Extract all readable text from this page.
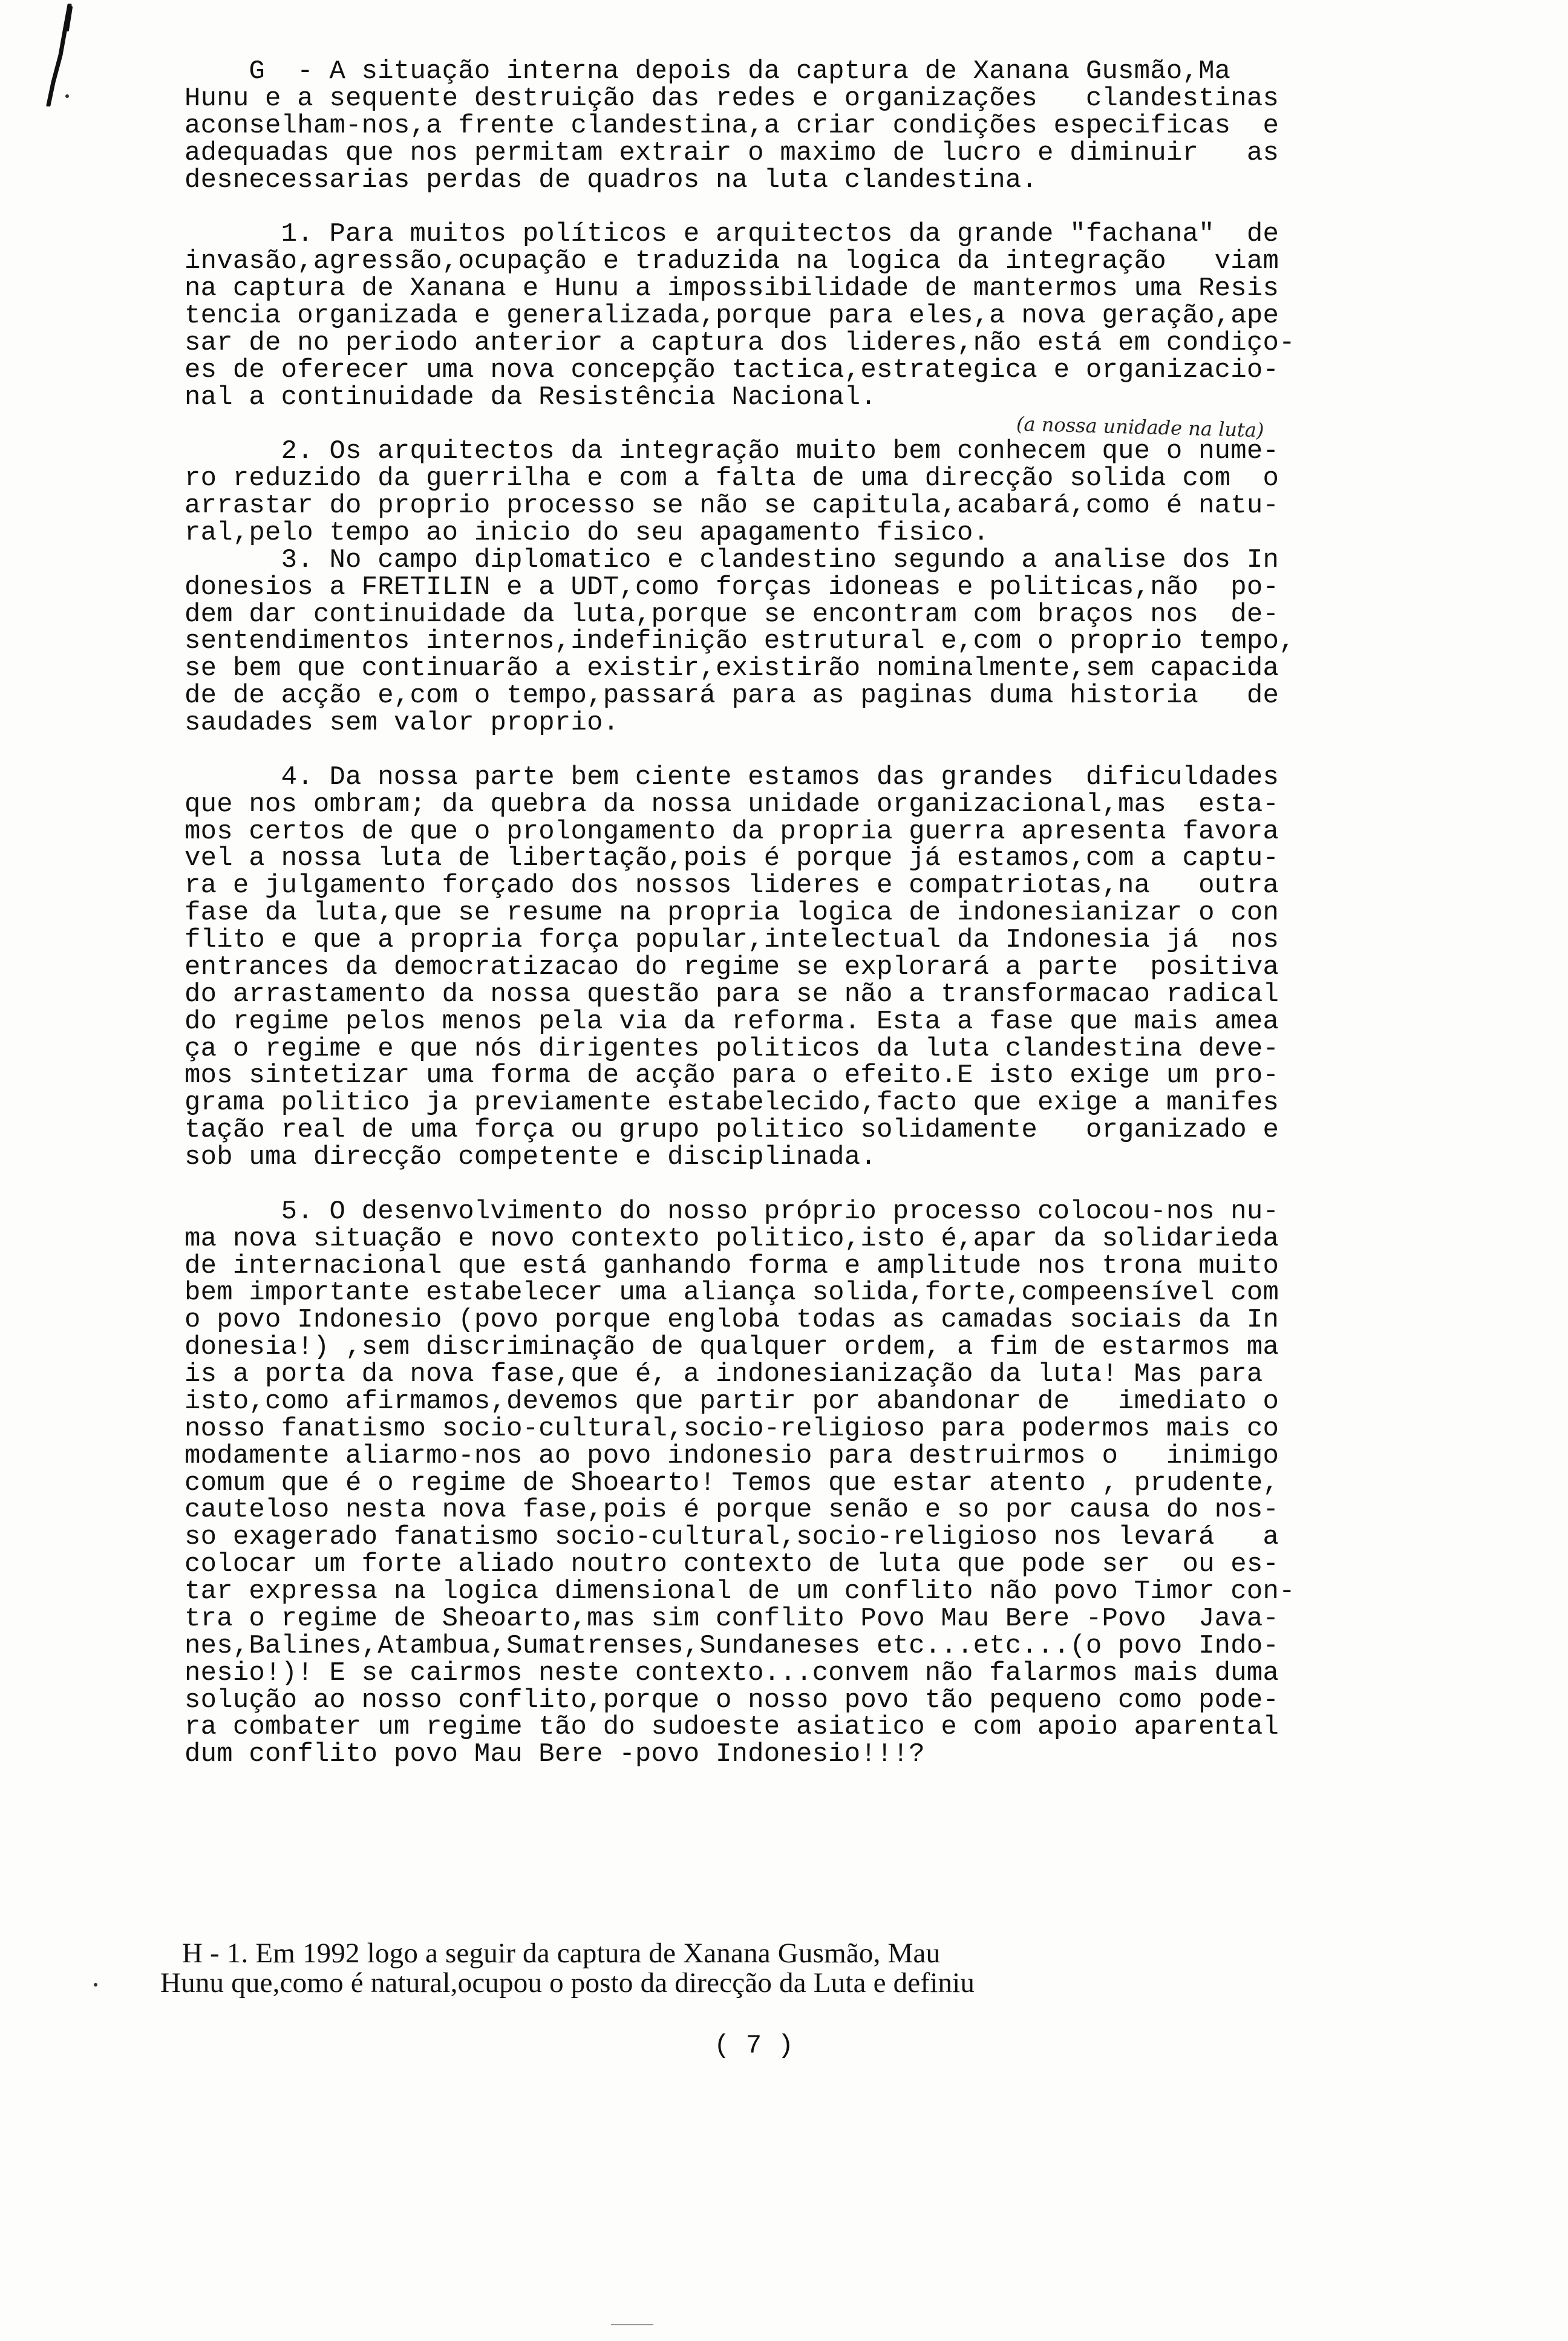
G  - A situação interna depois da captura de Xanana Gusmão,Ma
Hunu e a sequente destruição das redes e organizações   clandestinas
aconselham-nos,a frente clandestina,a criar condições especificas  e
adequadas que nos permitam extrair o maximo de lucro e diminuir   as
desnecessarias perdas de quadros na luta clandestina.

1. Para muitos políticos e arquitectos da grande "fachana"  de
invasão,agressão,ocupação e traduzida na logica da integração   viam
na captura de Xanana e Hunu a impossibilidade de mantermos uma Resis
tencia organizada e generalizada,porque para eles,a nova geração,ape
sar de no periodo anterior a captura dos lideres,não está em condiço-
es de oferecer uma nova concepção tactica,estrategica e organizacio-
nal a continuidade da Resistência Nacional.

2. Os arquitectos da integração muito bem conhecem que o nume-
ro reduzido da guerrilha e com a falta de uma direcção solida com  o
arrastar do proprio processo se não se capitula,acabará,como é natu-
ral,pelo tempo ao inicio do seu apagamento fisico.
3. No campo diplomatico e clandestino segundo a analise dos In
donesios a FRETILIN e a UDT,como forças idoneas e politicas,não  po-
dem dar continuidade da luta,porque se encontram com braços nos  de-
sentendimentos internos,indefinição estrutural e,com o proprio tempo,
se bem que continuarão a existir,existirão nominalmente,sem capacida
de de acção e,com o tempo,passará para as paginas duma historia   de
saudades sem valor proprio.

4. Da nossa parte bem ciente estamos das grandes  dificuldades
que nos ombram; da quebra da nossa unidade organizacional,mas  esta-
mos certos de que o prolongamento da propria guerra apresenta favora
vel a nossa luta de libertação,pois é porque já estamos,com a captu-
ra e julgamento forçado dos nossos lideres e compatriotas,na   outra
fase da luta,que se resume na propria logica de indonesianizar o con
flito e que a propria força popular,intelectual da Indonesia já  nos
entrances da democratizacao do regime se explorará a parte  positiva
do arrastamento da nossa questão para se não a transformacao radical
do regime pelos menos pela via da reforma. Esta a fase que mais amea
ça o regime e que nós dirigentes politicos da luta clandestina deve-
mos sintetizar uma forma de acção para o efeito.E isto exige um pro-
grama politico ja previamente estabelecido,facto que exige a manifes
tação real de uma força ou grupo politico solidamente   organizado e
sob uma direcção competente e disciplinada.

5. O desenvolvimento do nosso próprio processo colocou-nos nu-
ma nova situação e novo contexto politico,isto é,apar da solidarieda
de internacional que está ganhando forma e amplitude nos trona muito
bem importante estabelecer uma aliança solida,forte,compeensível com
o povo Indonesio (povo porque engloba todas as camadas sociais da In
donesia!) ,sem discriminação de qualquer ordem, a fim de estarmos ma
is a porta da nova fase,que é, a indonesianização da luta! Mas para
isto,como afirmamos,devemos que partir por abandonar de   imediato o
nosso fanatismo socio-cultural,socio-religioso para podermos mais co
modamente aliarmo-nos ao povo indonesio para destruirmos o   inimigo
comum que é o regime de Shoearto! Temos que estar atento , prudente,
cauteloso nesta nova fase,pois é porque senão e so por causa do nos-
so exagerado fanatismo socio-cultural,socio-religioso nos levará   a
colocar um forte aliado noutro contexto de luta que pode ser  ou es-
tar expressa na logica dimensional de um conflito não povo Timor con-
tra o regime de Sheoarto,mas sim conflito Povo Mau Bere -Povo  Java-
nes,Balines,Atambua,Sumatrenses,Sundaneses etc...etc...(o povo Indo-
nesio!)! E se cairmos neste contexto...convem não falarmos mais duma
solução ao nosso conflito,porque o nosso povo tão pequeno como pode-
ra combater um regime tão do sudoeste asiatico e com apoio aparental
dum conflito povo Mau Bere -povo Indonesio!!!?
(a nossa unidade na luta)
H - 1. Em 1992 logo a seguir da captura de Xanana Gusmão, Mau
Hunu que,como é natural,ocupou o posto da direcção da Luta e definiu
( 7 )
